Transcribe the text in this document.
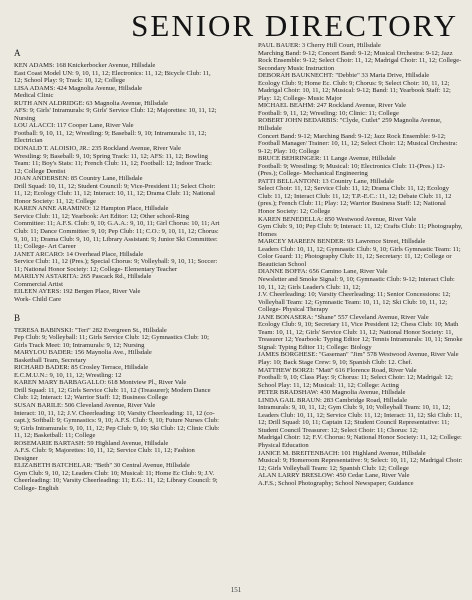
SENIOR DIRECTORY
A
KEN ADAMS: 168 Knickerbocker Avenue, Hillsdale
East Coast Model UN: 9, 10, 11, 12; Electronics: 11, 12; Bicycle Club: 11, 12; School Play: 9; Track: 10, 12; College
LISA ADAMS: 424 Magnolia Avenue, Hillsdale
Medical Clinic
RUTH ANN ALDRIDGE: 63 Magnolia Avenue, Hillsdale
AFS: 9; Girls' Intramurals: 9; Girls' Service Club: 12; Majorettes: 10, 11, 12; Nursing
LOU ALACCI: 117 Cooper Lane, River Vale
Football: 9, 10, 11, 12; Wrestling: 9; Baseball: 9, 10; Intramurals: 11, 12; Electrician
DONALD T. ALOISIO, JR.: 235 Rockland Avenue, River Vale
Wrestling: 9; Baseball: 9, 10; Spring Track: 11, 12; AFS: 11, 12; Bowling Team: 11; Boy's Stats: 11; French Club: 11, 12; Football: 12; Indoor Track: 12; College Dentist
JOAN ANDERSEN: 85 Country Lane, Hillsdale
Drill Squad: 10, 11, 12; Student Council: 9; Vice-President 11; Select Choir: 11, 12; Ecology Club: 11, 12; Interact: 10, 11, 12; Drama Club: 11; National Honor Society: 11, 12; College
KAREN ANNE ARAMINO: 12 Hampton Place, Hillsdale
Service Club: 11, 12; Yearbook: Art Editor: 12; Other school-Ring Committee: 11; A.F.S. Club: 9, 10; G.A.A.: 9, 10, 11; Girl Chorus: 10, 11; Art Club: 11; Dance Committee: 9, 10; Pep Club: 11; C.O.: 9, 10, 11, 12; Chorus: 9, 10, 11; Drama Club: 9, 10, 11; Library Assistant: 9; Junior Ski Committee: 11; College- Art Career
JANET ARCARO: 14 Overhead Place, Hillsdale
Service Club: 11, 12 (Pres.); Special Chorus: 9; Volleyball: 9, 10, 11; Soccer: 11; National Honor Society: 12; College- Elementary Teacher
MARILYN ASTARITA: 265 Pascack Rd., Hillsdale
Commercial Artist
EILEEN AYERS: 192 Bergen Place, River Vale
Work- Child Care
B
TERESA BABINSKI: "Teri" 282 Evergreen St., Hillsdale
Pep Club: 9; Volleyball: 11; Girls Service Club: 12; Gymnastics Club: 10; Girls Track Meet: 10; Intramurals: 9, 12; Nursing
MARYLOU BADER: 156 Maynolia Ave., Hillsdale
Basketball Team, Secretary
RICHARD BADER: 85 Crosley Terrace, Hillsdale
E.C.M.U.N.: 9, 10, 11, 12; Wrestling: 12
KAREN MARY BARBAGALLO: 618 Montview Pl., River Vale
Drill Squad: 11, 12; Girls Service Club: 11, 12 (Treasurer); Modern Dance Club: 12; Interact: 12; Warrior Staff: 12; Business College
SUSAN BARILE: 506 Cleveland Avenue, River Vale
Interact: 10, 11, 12; J.V. Cheerleading: 10; Varsity Cheerleading: 11, 12 (co-capt.); Softball: 9; Gymnastics: 9, 10; A.F.S. Club: 9, 10; Future Nurses Club: 9; Girls Intramurals: 9, 10, 11, 12; Pep Club: 9, 10; Ski Club: 12; Clinic Club: 11, 12; Basketball: 11; College
ROSEMARIE BARTASH: 59 Highland Avenue, Hillsdale
A.F.S. Club: 9; Majorettes: 10, 11, 12; Service Club: 11, 12; Fashion Designer
ELIZABETH BATCHELAR: "Beth" 30 Central Avenue, Hillsdale
Gym Club: 9, 10, 12; Leaders Club: 10; Musical: 11; Home Ec Club: 9; J.V. Cheerleading: 10; Varsity Cheerleading: 11; E.G.: 11, 12; Library Council: 9; College- English
PAUL BAUER: 3 Cherry Hill Court, Hillsdale
Marching Band: 9-12; Concert Band: 9-12; Musical Orchestra: 9-12; Jazz Rock Ensemble: 9-12; Select Choir: 11, 12; Madrigal Choir: 11, 12; College- Secondary Music Instruction
DEBORAH BAUKNECHT: "Debbie" 33 Maria Drive, Hillsdale
Ecology Club: 9; Home Ec. Club: 9; Chorus: 9; Select Choir: 10, 11, 12; Madrigal Choir: 10, 11, 12; Musical: 9-12; Band: 11; Yearbook Staff: 12; Play: 12; College- Music Major
MICHAEL BEAHM: 247 Rockland Avenue, River Vale
Football: 9, 11, 12; Wrestling: 10; Clinic: 11; College
ROBERT JOHN BEDARBIS: "Clyde, Cutlet" 259 Magnolia Avenue, Hillsdale
Concert Band: 9-12; Marching Band: 9-12; Jazz Rock Ensemble: 9-12; Football Manager/ Trainer: 10, 11, 12; Select Choir: 12; Musical Orchestra: 9-12; Play: 10; College
BRUCE BEHRINGER: 11 Lange Avenue, Hillsdale
Football: 9; Wrestling: 9; Musical: 10; Electronics Club: 11-(Pres.) 12-(Pres.); College- Mechanical Engineering
PATTI BELLANTONI: 13 Country Lane, Hillsdale
Select Choir: 11, 12; Service Club: 11, 12; Drama Club: 11, 12; Ecology Club: 11, 12; Interact Club: 11, 12; T.P.-E.C.: 11, 12; Debate Club: 11, 12 (pres.); French Club: 11; Play: 12; Warrior Business Staff: 12; National Honor Society: 12; College
KAREN BENEDELLA: 850 Westwood Avenue, River Vale
Gym Club: 9, 10; Pep Club: 9; Interact: 11, 12; Crafts Club: 11; Photography, Homes
MARCEY MAREEN BENDER: 93 Lawrence Street, Hillsdale
Leaders Club: 10, 11, 12; Gymnastic Club: 9, 10; Girls Gymnastic Team: 11; Color Guard: 11; Photography Club: 11, 12; Secretary: 11, 12; College or Beautician School
DIANNE BOFFA: 656 Camino Lane, River Vale
Newsletter and Smoke Signal: 9, 10; Gymnastic Club: 9-12; Interact Club: 10, 11, 12; Girls Leader's Club: 11, 12;
J.V. Cheerleading: 10; Varsity Cheerleading: 11; Senior Concessions: 12; Volleyball Team: 12; Gymnastic Team: 10, 11, 12; Ski Club: 10, 11, 12; College- Physical Therapy
JANE BONASERA: "Shane" 557 Cleveland Avenue, River Vale
Ecology Club: 9, 10; Secretary 11, Vice President 12; Chess Club: 10; Math Team: 10, 11, 12; Girls' Service Club: 11, 12; National Honor Society: 11, Treasurer 12; Yearbook: Typing Editor 12; Tennis Intramurals: 10, 11; Smoke Signal: Typing Editor 11; College: Biology
JAMES BORGHESE: "Gaseman" "Jim" 578 Westwood Avenue, River Vale
Play: 10; Back Stage Crew: 9, 10; Spanish Club: 12. Chef.
MATTHEW BORZI: "Matt" 616 Florence Road, River Vale
Football: 9, 10; Class Play: 9; Chorus: 11; Select Choir: 12; Madrigal: 12; School Play: 11, 12; Musical: 11, 12; College: Acting
PETER BRADSHAW: 430 Magnolia Avenue, Hillsdale
LINDA GAIL BRAUN: 283 Cambridge Road, Hillsdale
Intramurals: 9, 10, 11, 12; Gym Club: 9, 10; Volleyball Team: 10, 11, 12; Leaders Club: 10, 11, 12; Service Club: 11, 12; Interact: 11, 12; Ski Club: 11, 12; Drill Squad: 10, 11; Captain 12; Student Council Representative: 11; Student Council Treasurer: 12; Select Choir: 11; Chorus: 12;
Madrigal Choir: 12; F.V. Chorus: 9; National Honor Society: 11, 12; College: Physical Education
JANICE M. BREITENBACH: 101 Highland Avenue, Hillsdale
Musical: 9; Homeroom Representative: 9; Select: 10, 11, 12; Madrigal Choir: 12; Girls Volleyball Team: 12; Spanish Club: 12; College
ALAN LARRY BRESLOW: 450 Cedar Lane, River Vale
A.F.S.; School Photography; School Newspaper; Guidance
151
